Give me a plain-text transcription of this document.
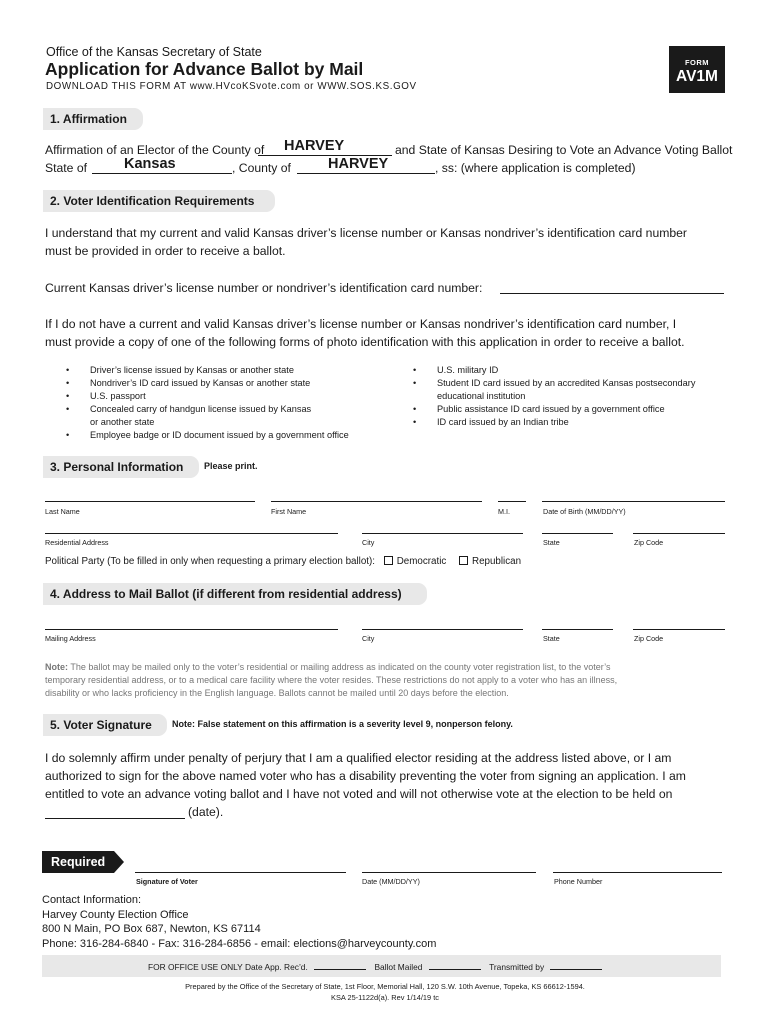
Office of the Kansas Secretary of State
Application for Advance Ballot by Mail
DOWNLOAD THIS FORM AT www.HVcoKSvote.com or WWW.SOS.KS.GOV
FORM
AV1M
1. Affirmation
Affirmation of an Elector of the County of HARVEY	and State of Kansas Desiring to Vote an Advance Voting Ballot
State of	Kansas	, County of	HARVEY	, ss: (where application is completed)
2. Voter Identification Requirements
I understand that my current and valid Kansas driver’s license number or Kansas nondriver’s identification card number
must be provided in order to receive a ballot.
Current Kansas driver’s license number or nondriver’s identification card number:
If I do not have a current and valid Kansas driver’s license number or Kansas nondriver’s identification card number, I
must provide a copy of one of the following forms of photo identification with this application in order to receive a ballot.
• Driver’s license issued by Kansas or another state
• Nondriver’s ID card issued by Kansas or another state
• U.S. passport
• Concealed carry of handgun license issued by Kansas
or another state
• Employee badge or ID document issued by a government office
• U.S. military ID
• Student ID card issued by an accredited Kansas postsecondary
educational institution
• Public assistance ID card issued by a government office
• ID card issued by an Indian tribe
3. Personal Information	Please print.
Last Name	First Name	M.I.	Date of Birth (MM/DD/YY)
Residential Address	City	State	Zip Code
Political Party (To be filled in only when requesting a primary election ballot): Democratic	Republican
4. Address to Mail Ballot (if different from residential address)
Mailing Address	City	State	Zip Code
Note: The ballot may be mailed only to the voter’s residential or mailing address as indicated on the county voter registration list, to the voter’s
temporary residential address, or to a medical care facility where the voter resides. These restrictions do not apply to a voter who has an illness,
disability or who lacks proficiency in the English language. Ballots cannot be mailed until 20 days before the election.
5. Voter Signature	Note: False statement on this affirmation is a severity level 9, nonperson felony.
I do solemnly affirm under penalty of perjury that I am a qualified elector residing at the address listed above, or I am
authorized to sign for the above named voter who has a disability preventing the voter from signing an application. I am
entitled to vote an advance voting ballot and I have not voted and will not otherwise vote at the election to be held on
(date).
Required
Signature of Voter	Date (MM/DD/YY)	Phone Number
Contact Information:
Harvey County Election Office
800 N Main, PO Box 687, Newton, KS 67114
Phone: 316-284-6840 - Fax: 316-284-6856 - email: elections@harveycounty.com
FOR OFFICE USE ONLY Date App. Rec’d.	Ballot Mailed	Transmitted by
Prepared by the Office of the Secretary of State, 1st Floor, Memorial Hall, 120 S.W. 10th Avenue, Topeka, KS 66612-1594.
KSA 25-1122d(a). Rev 1/14/19 tc
